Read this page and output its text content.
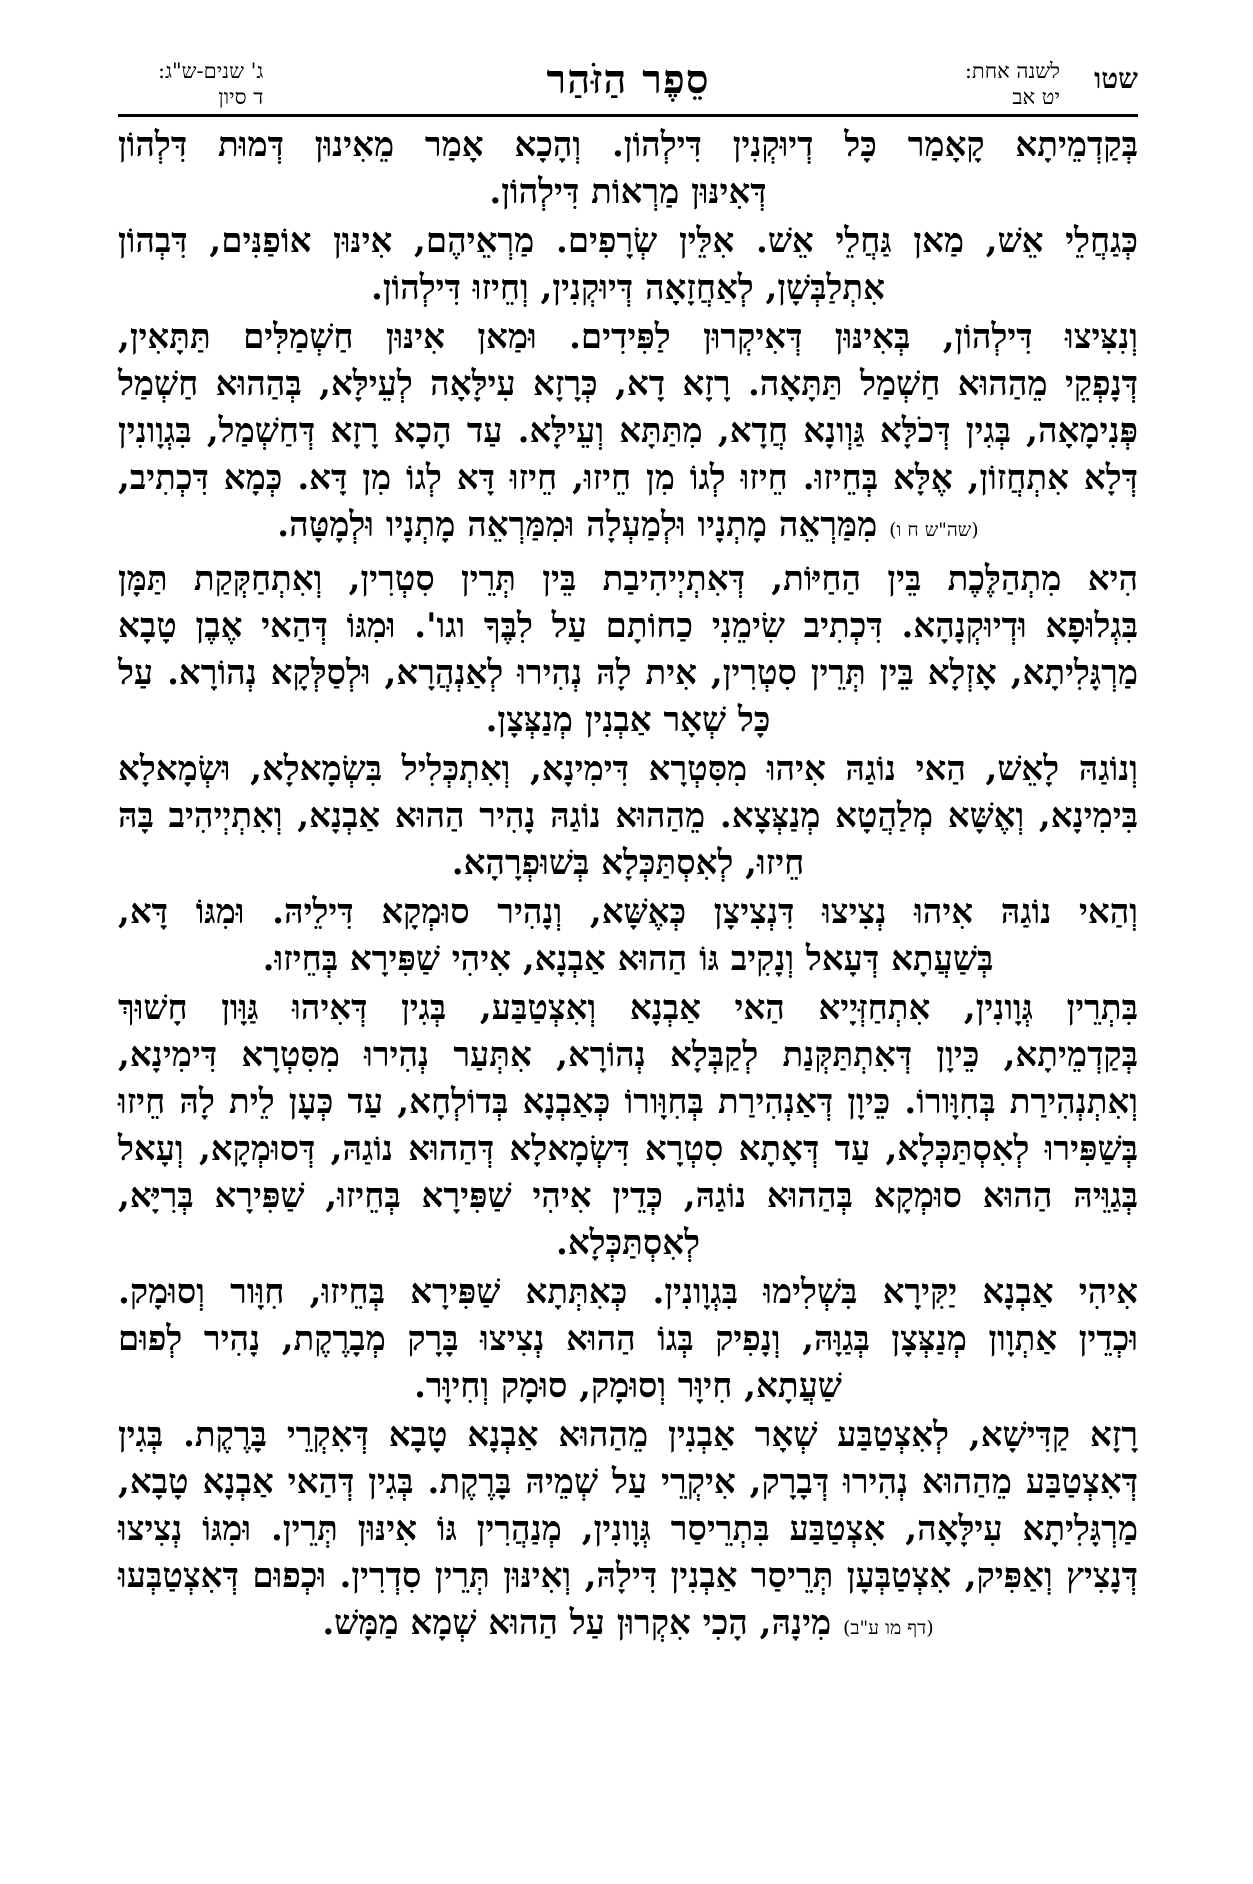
שטו
לשנה אחת:
יט אב
סֵפֶר הַזֹּהַר
ג' שנים-ש"ג:
ד סיון

בְּקַדְמֵיתָא קָאָמַר כָּל דְיוּקְנִין דִּילְהוֹן. וְהָכָא אָמַר מֵאִינוּן דְּמוּת דִּלְהוֹן
דְּאִינּוּן מַרְאוֹת דִּילְהוֹן.

כְּגַחֲלֵי אֵשׁ, מַאן גַּחֲלֵי אֵשׁ. אִלֵּין שְׂרָפִים. מַרְאֵיהֶם, אִינּוּן אוֹפַנִּים, דִּבְהוֹן
אִתְלַבְּשָׁן, לְאַחֲזָאָה דְּיוּקְנִין, וְחֵיזוּ דִּילְהוֹן.

וְנִצִּיצוּ דִּילְהוֹן, בְּאִינּוּן דְּאִיקְרוּן לַפִּידִים. וּמַאן אִינּוּן חַשְׁמַלִּים תַּתָּאִין,
דְּנָפְקֵי מֵהַהוּא חַשְׁמַל תַּתָּאָה. רָזָא דָא, כְּרָזָא עִילָּאָה לְעֵילָּא, בְּהַהוּא חַשְׁמַל פְּנִימָאָה, בְּגִין דְּכֹלָּא גַּוְונָא חֲדָא, מִתַּתָּא וְעֵילָּא. עַד הָכָא רָזָא דְּחַשְׁמַל, בִּגְוָונִין דְּלָא אִתְחֲזוֹן, אֶלָּא בְּחֵיזוּ. חֵיזוּ לְגוֹ מִן חֵיזוּ, חֵיזוּ דָּא לְגוֹ מִן דָּא. כְּמָא דִּכְתִיב, (שה"ש ח ו) מִמַּרְאֵה מָתְנָיו וּלְמַעְלָה וּמִמַּרְאֵה מָתְנָיו וּלְמָטָּה.

הִיא מִתְהַלֶּכֶת בֵּין הַחַיּוֹת, דְּאִתְיְיהִיבַת בֵּין תְּרֵין סִטְרִין, וְאִתְחַקְּקַת תַּמָּן
בִּגְלוּפָא וּדְיוּקְנָהָא. דִּכְתִיב שִׂימֵנִי כַחוֹתָם עַל לִבֶּךָ וגו'. וּמִגּוֹ דְּהַאי אֶבֶן טָבָא מַרְגָּלִיתָא, אָזְלָא בֵּין תְּרֵין סִטְרִין, אִית לָהּ נְהִירוּ לְאַנְהֲרָא, וּלְסַלְּקָא נְהוֹרָא. עַל כָּל שְׁאָר אַבְנִין מְנַצְּצָן.

וְנוֹגַהּ לָאֵשׁ, הַאי נוֹגַהּ אִיהוּ מִסִּטְרָא דִּימִינָא, וְאִתְכְּלִיל בִּשְׂמָאלָא, וּשְׂמָאלָא
בִּימִינָא, וְאֶשָּׁא מְלַהֲטָא מְנַצְּצָא. מֵהַהוּא נוֹגַהּ נָהִיר הַהוּא אַבְנָא, וְאִתְיְיהִיב בָּהּ חֵיזוּ, לְאִסְתַּכְּלָא בְּשׁוּפְרָהָא.

וְהַאי נוֹגַהּ אִיהוּ נְצִיצוּ דִּנְצִיצָן כְּאֶשָּׁא, וְנָהִיר סוּמְקָא דִּילֵיהּ. וּמִגּוֹ דָּא,
בְּשַׁעֲתָא דְּעָאל וְנָקִיב גּוֹ הַהוּא אַבְנָא, אִיהִי שַׁפִּירָא בְּחֵיזוּ.

בִּתְרֵין גְּוָונִין, אִתְחַזְּיָיא הַאי אַבְנָא וְאִצְטַבַּע, בְּגִין דְּאִיהוּ גַּוָּון חָשׁוּךְ
בְּקַדְמֵיתָא, כֵּיוָן דְּאִתְתַּקְּנַת לְקַבְּלָא נְהוֹרָא, אִתְּעַר נְהִירוּ מִסִּטְרָא דִּימִינָא, וְאִתְנְהִירַת בְּחִוָּורוֹ. כֵּיוָן דְּאַנְהִירַת בְּחִוָּורוֹ כְּאַבְנָא בְּדוֹלְחָא, עַד כְּעָן לֵית לָהּ חֵיזוּ בְּשַׁפִּירוּ לְאִסְתַּכְּלָא, עַד דְּאָתָא סִטְרָא דִּשְׂמָאלָא דְּהַהוּא נוֹגַהּ, דְּסוּמְקָא, וְעָאל בְּגַוֵּיהּ הַהוּא סוּמְקָא בְּהַהוּא נוֹגַהּ, כְּדֵין אִיהִי שַׁפִּירָא בְּחֵיזוּ, שַׁפִּירָא בְּרִיָּא, לְאִסְתַּכְּלָא.

אִיהִי אַבְנָא יַקִּירָא בִּשְׁלִימוּ בִּגְוָונִין. כְּאִתְּתָא שַׁפִּירָא בְּחֵיזוּ, חִוָּור וְסוּמָק.
וּכְדֵין אַתְוָון מְנַצְּצָן בְּגַוָּהּ, וְנָפִיק בְּגוֹ הַהוּא נְצִיצוּ בָּרָק מְבָרֶקֶת, נָהִיר לְפוּם שַׁעֲתָא, חִיוָּר וְסוּמָק, סוּמָק וְחִיוָּר.

רָזָא קַדִּישָׁא, לְאִצְטַבַּע שְׁאָר אַבְנִין מֵהַהוּא אַבְנָא טָבָא דְּאִקְרֵי בָּרֶקֶת. בְּגִין
דְּאִצְטַבַּע מֵהַהוּא נְהִירוּ דְּבָרָק, אִיקְרֵי עַל שְׁמֵיהּ בָּרֶקֶת. בְּגִין דְּהַאי אַבְנָא טָבָא, מַרְגָּלִיתָא עִילָּאָה, אִצְטַבַּע בִּתְרֵיסַר גְּוָונִין, מְנַהֲרִין גּוֹ אִינּוּן תְּרֵין. וּמִגּוֹ נְצִיצוּ דְּנָצִיץ וְאַפִּיק, אִצְטַבְּעָן תְּרֵיסַר אַבְנִין דִּילָהּ, וְאִינּוּן תְּרֵין סִדְרִין. וּכְפוּם דְּאִצְטַבְּעוּ (דף מו ע"ב) מִינָהּ, הָכִי אִקְרוּן עַל הַהוּא שְׁמָא מַמָּשׁ.
